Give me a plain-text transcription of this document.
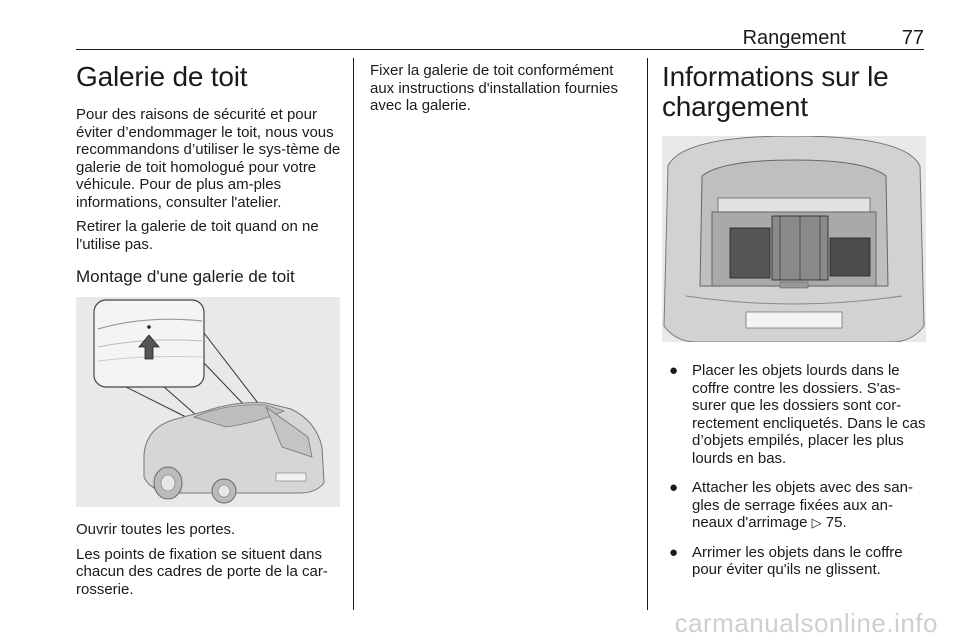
Rangement	77
Galerie de toit

Pour des raisons de sécurité et pour éviter d’endommager le toit, nous vous recommandons d’utiliser le sys-tème de galerie de toit homologué pour votre véhicule. Pour de plus am-ples informations, consulter l'atelier.

Retirer la galerie de toit quand on ne l'utilise pas.

Montage d'une galerie de toit

Ouvrir toutes les portes.

Les points de fixation se situent dans chacun des cadres de porte de la car-rosserie.

Fixer la galerie de toit conformément aux instructions d'installation fournies avec la galerie.

Informations sur le chargement
● Placer les objets lourds dans le coffre contre les dossiers. S'as-surer que les dossiers sont cor-rectement encliquetés. Dans le cas d’objets empilés, placer les plus lourds en bas.
● Attacher les objets avec des san-gles de serrage fixées aux an-neaux d'arrimage ▷ 75.
● Arrimer les objets dans le coffre pour éviter qu'ils ne glissent.
carmanualsonline.info
